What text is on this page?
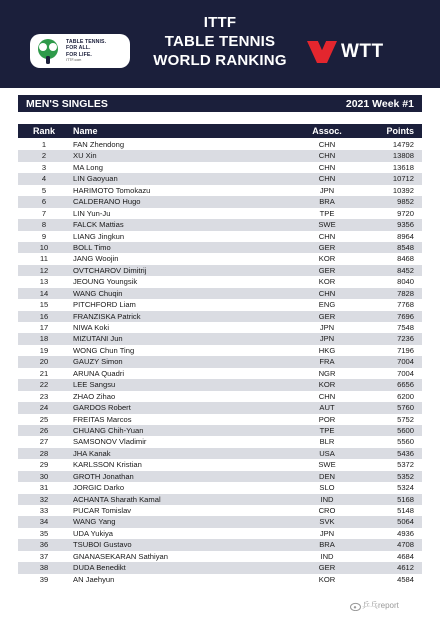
TABLE TENNIS.
FOR ALL.
FOR LIFE.
ITTF.com
ITTF
TABLE TENNIS
WORLD RANKING	WTT
MEN'S SINGLES	2021 Week #1
Rank	Name	Assoc.	Points
1	FAN Zhendong	CHN	14792
2	XU Xin	CHN	13808
3	MA Long	CHN	13618
4	LIN Gaoyuan	CHN	10712
5	HARIMOTO Tomokazu	JPN	10392
6	CALDERANO Hugo	BRA	9852
7	LIN Yun-Ju	TPE	9720
8	FALCK Mattias	SWE	9356
9	LIANG Jingkun	CHN	8964
10	BOLL Timo	GER	8548
11	JANG Woojin	KOR	8468
12	OVTCHAROV Dimitrij	GER	8452
13	JEOUNG Youngsik	KOR	8040
14	WANG Chuqin	CHN	7828
15	PITCHFORD Liam	ENG	7768
16	FRANZISKA Patrick	GER	7696
17	NIWA Koki	JPN	7548
18	MIZUTANI Jun	JPN	7236
19	WONG Chun Ting	HKG	7196
20	GAUZY Simon	FRA	7004
21	ARUNA Quadri	NGR	7004
22	LEE Sangsu	KOR	6656
23	ZHAO Zihao	CHN	6200
24	GARDOS Robert	AUT	5760
25	FREITAS Marcos	POR	5752
26	CHUANG Chih-Yuan	TPE	5600
27	SAMSONOV Vladimir	BLR	5560
28	JHA Kanak	USA	5436
29	KARLSSON Kristian	SWE	5372
30	GROTH Jonathan	DEN	5352
31	JORGIC Darko	SLO	5324
32	ACHANTA Sharath Kamal	IND	5168
33	PUCAR Tomislav	CRO	5148
34	WANG Yang	SVK	5064
35	UDA Yukiya	JPN	4936
36	TSUBOI Gustavo	BRA	4708
37	GNANASEKARAN Sathiyan	IND	4684
38	DUDA Benedikt	GER	4612
39	AN Jaehyun	KOR	4584
乒乓report
